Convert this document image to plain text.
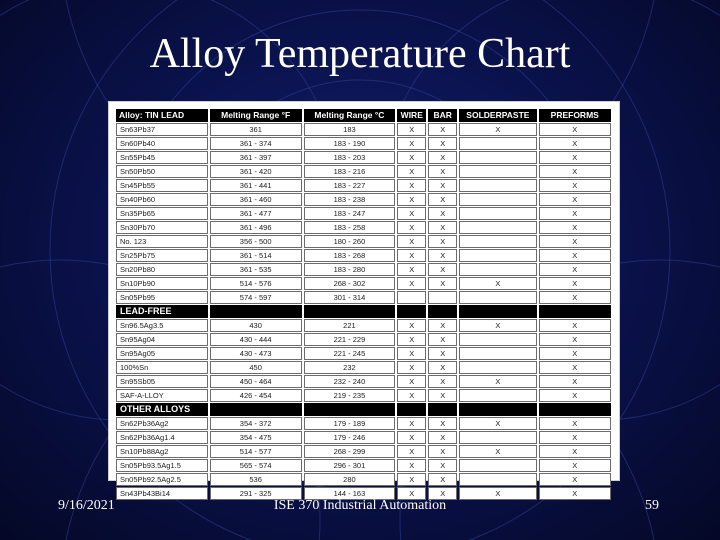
Alloy Temperature Chart
Alloy: TIN LEAD	Melting Range °F	Melting Range °C	WIRE	BAR	SOLDERPASTE	PREFORMS
Sn63Pb37	361	183	X	X	X	X
Sn60Pb40	361 - 374	183 - 190	X	X		X
Sn55Pb45	361 - 397	183 - 203	X	X		X
Sn50Pb50	361 - 420	183 - 216	X	X		X
Sn45Pb55	361 - 441	183 - 227	X	X		X
Sn40Pb60	361 - 460	183 - 238	X	X		X
Sn35Pb65	361 - 477	183 - 247	X	X		X
Sn30Pb70	361 - 496	183 - 258	X	X		X
No. 123	356 - 500	180 - 260	X	X		X
Sn25Pb75	361 - 514	183 - 268	X	X		X
Sn20Pb80	361 - 535	183 - 280	X	X		X
Sn10Pb90	514 - 576	268 - 302	X	X	X	X
Sn05Pb95	574 - 597	301 - 314				X
LEAD-FREE						
Sn96.5Ag3.5	430	221	X	X	X	X
Sn95Ag04	430 - 444	221 - 229	X	X		X
Sn95Ag05	430 - 473	221 - 245	X	X		X
100%Sn	450	232	X	X		X
Sn95Sb05	450 - 464	232 - 240	X	X	X	X
SAF-A-LLOY	426 - 454	219 - 235	X	X		X
OTHER ALLOYS						
Sn62Pb36Ag2	354 - 372	179 - 189	X	X	X	X
Sn62Pb36Ag1.4	354 - 475	179 - 246	X	X		X
Sn10Pb88Ag2	514 - 577	268 - 299	X	X	X	X
Sn05Pb93.5Ag1.5	565 - 574	296 - 301	X	X		X
Sn05Pb92.5Ag2.5	536	280	X	X		X
Sn43Pb43Bi14	291 - 325	144 - 163	X	X	X	X
9/16/2021	ISE 370 Industrial Automation	59
